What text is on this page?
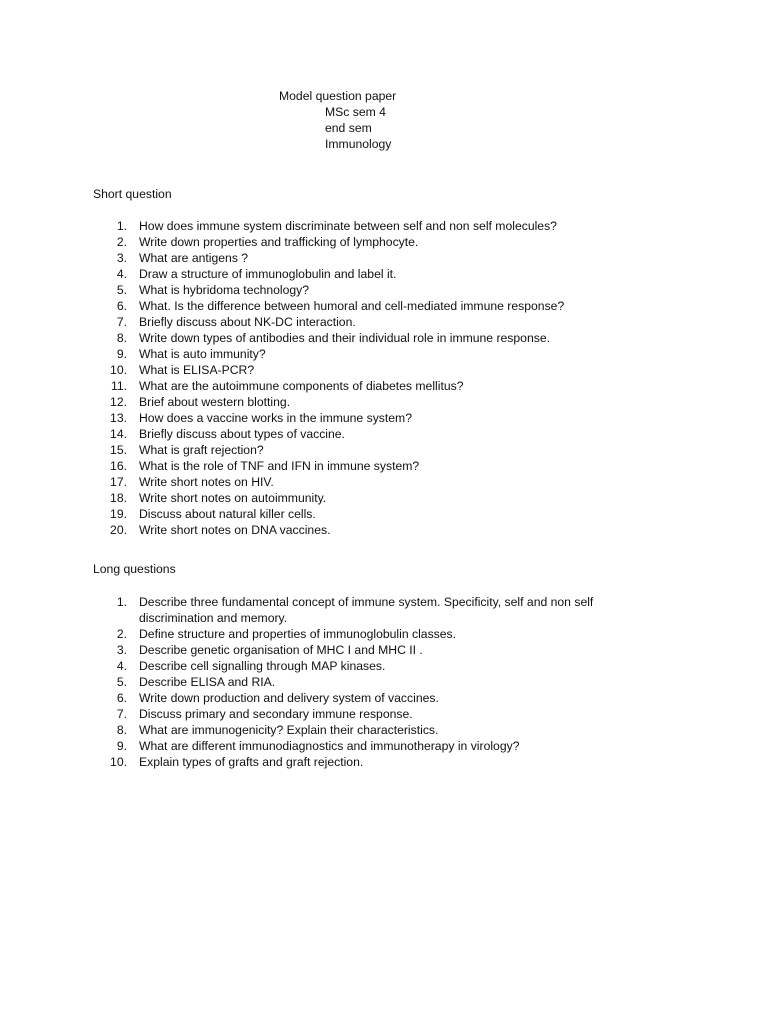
Model question paper
MSc sem 4
end sem
Immunology
Short question
1. How does immune system discriminate between self and non self molecules?
2. Write down properties and trafficking of lymphocyte.
3. What are antigens ?
4. Draw a structure of immunoglobulin and label it.
5. What is hybridoma technology?
6. What. Is the difference between humoral and cell-mediated immune response?
7. Briefly discuss about NK-DC interaction.
8. Write down types of antibodies and their individual role in immune response.
9. What is auto immunity?
10. What is ELISA-PCR?
11. What are the autoimmune components of diabetes mellitus?
12. Brief about western blotting.
13. How does a vaccine works in the immune system?
14. Briefly discuss about types of vaccine.
15. What is graft rejection?
16. What is the role of TNF and IFN in immune system?
17. Write short notes on HIV.
18. Write short notes on autoimmunity.
19. Discuss about natural killer cells.
20. Write short notes on DNA vaccines.
Long questions
1. Describe three fundamental concept of immune system. Specificity, self and non self discrimination and memory.
2. Define structure and properties of immunoglobulin classes.
3. Describe genetic organisation of MHC I and MHC II .
4. Describe cell signalling through MAP kinases.
5. Describe ELISA and RIA.
6. Write down production and delivery system of vaccines.
7. Discuss primary and secondary immune response.
8. What are immunogenicity? Explain their characteristics.
9. What are different immunodiagnostics and immunotherapy in virology?
10. Explain types of grafts and graft rejection.
